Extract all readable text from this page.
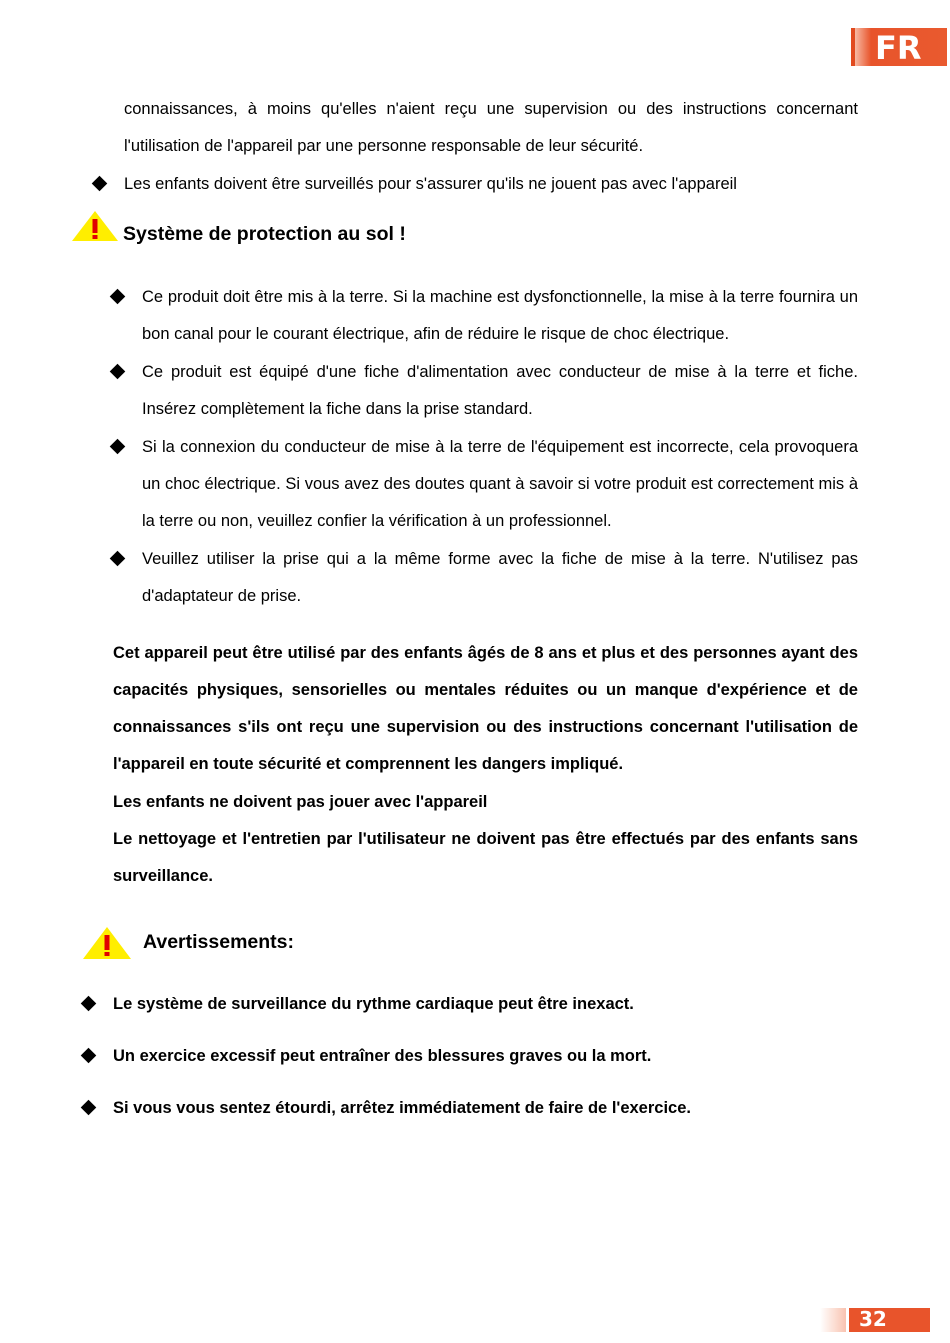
FR
connaissances, à moins qu'elles n'aient reçu une supervision ou des instructions concernant l'utilisation de l'appareil par une personne responsable de leur sécurité.
Les enfants doivent être surveillés pour s'assurer qu'ils ne jouent pas avec l'appareil
Système de protection au sol !
Ce produit doit être mis à la terre. Si la machine est dysfonctionnelle, la mise à la terre fournira un bon canal pour le courant électrique, afin de réduire le risque de choc électrique.
Ce produit est équipé d'une fiche d'alimentation avec conducteur de mise à la terre et fiche. Insérez complètement la fiche dans la prise standard.
Si la connexion du conducteur de mise à la terre de l'équipement est incorrecte, cela provoquera un choc électrique. Si vous avez des doutes quant à savoir si votre produit est correctement mis à la terre ou non, veuillez confier la vérification à un professionnel.
Veuillez utiliser la prise qui a la même forme avec la fiche de mise à la terre. N'utilisez pas d'adaptateur de prise.
Cet appareil peut être utilisé par des enfants âgés de 8 ans et plus et des personnes ayant des capacités physiques, sensorielles ou mentales réduites ou un manque d'expérience et de connaissances s'ils ont reçu une supervision ou des instructions concernant l'utilisation de l'appareil en toute sécurité et comprennent les dangers impliqué.
Les enfants ne doivent pas jouer avec l'appareil
Le nettoyage et l'entretien par l'utilisateur ne doivent pas être effectués par des enfants sans surveillance.
Avertissements:
Le système de surveillance du rythme cardiaque peut être inexact.
Un exercice excessif peut entraîner des blessures graves ou la mort.
Si vous vous sentez étourdi, arrêtez immédiatement de faire de l'exercice.
32
